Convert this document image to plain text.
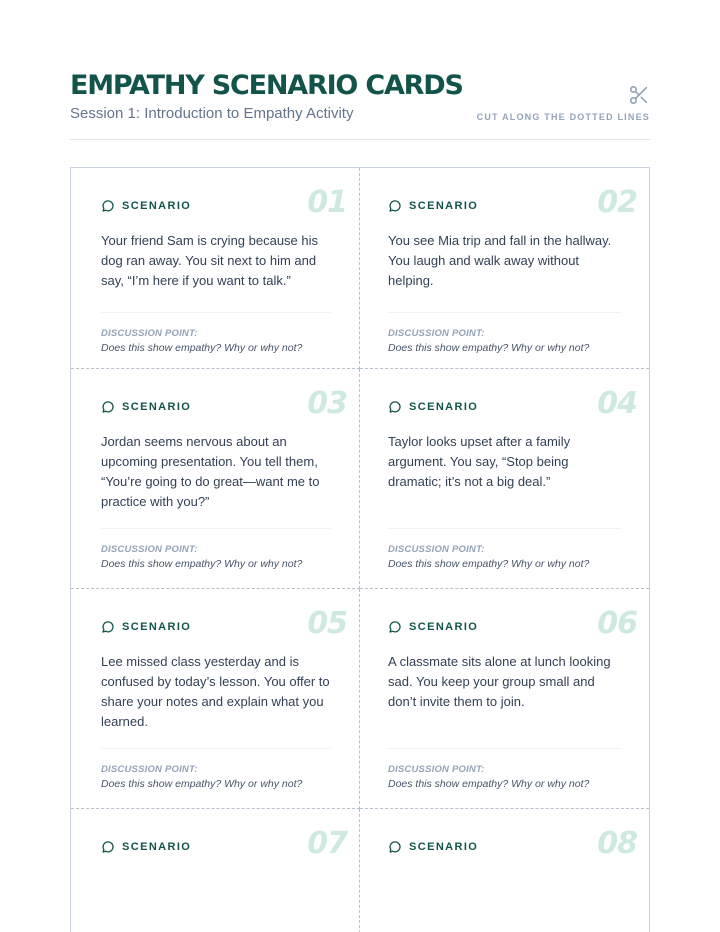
EMPATHY SCENARIO CARDS
Session 1: Introduction to Empathy Activity	CUT ALONG THE DOTTED LINES
SCENARIO	01

Your friend Sam is crying because his dog ran away. You sit next to him and say, “I’m here if you want to talk.”

DISCUSSION POINT:
Does this show empathy? Why or why not?
SCENARIO	02

You see Mia trip and fall in the hallway. You laugh and walk away without helping.

DISCUSSION POINT:
Does this show empathy? Why or why not?
SCENARIO	03

Jordan seems nervous about an upcoming presentation. You tell them, “You’re going to do great—want me to practice with you?”

DISCUSSION POINT:
Does this show empathy? Why or why not?
SCENARIO	04

Taylor looks upset after a family argument. You say, “Stop being dramatic; it’s not a big deal.”

DISCUSSION POINT:
Does this show empathy? Why or why not?
SCENARIO	05

Lee missed class yesterday and is confused by today’s lesson. You offer to share your notes and explain what you learned.

DISCUSSION POINT:
Does this show empathy? Why or why not?
SCENARIO	06

A classmate sits alone at lunch looking sad. You keep your group small and don’t invite them to join.

DISCUSSION POINT:
Does this show empathy? Why or why not?
SCENARIO	07	SCENARIO	08
